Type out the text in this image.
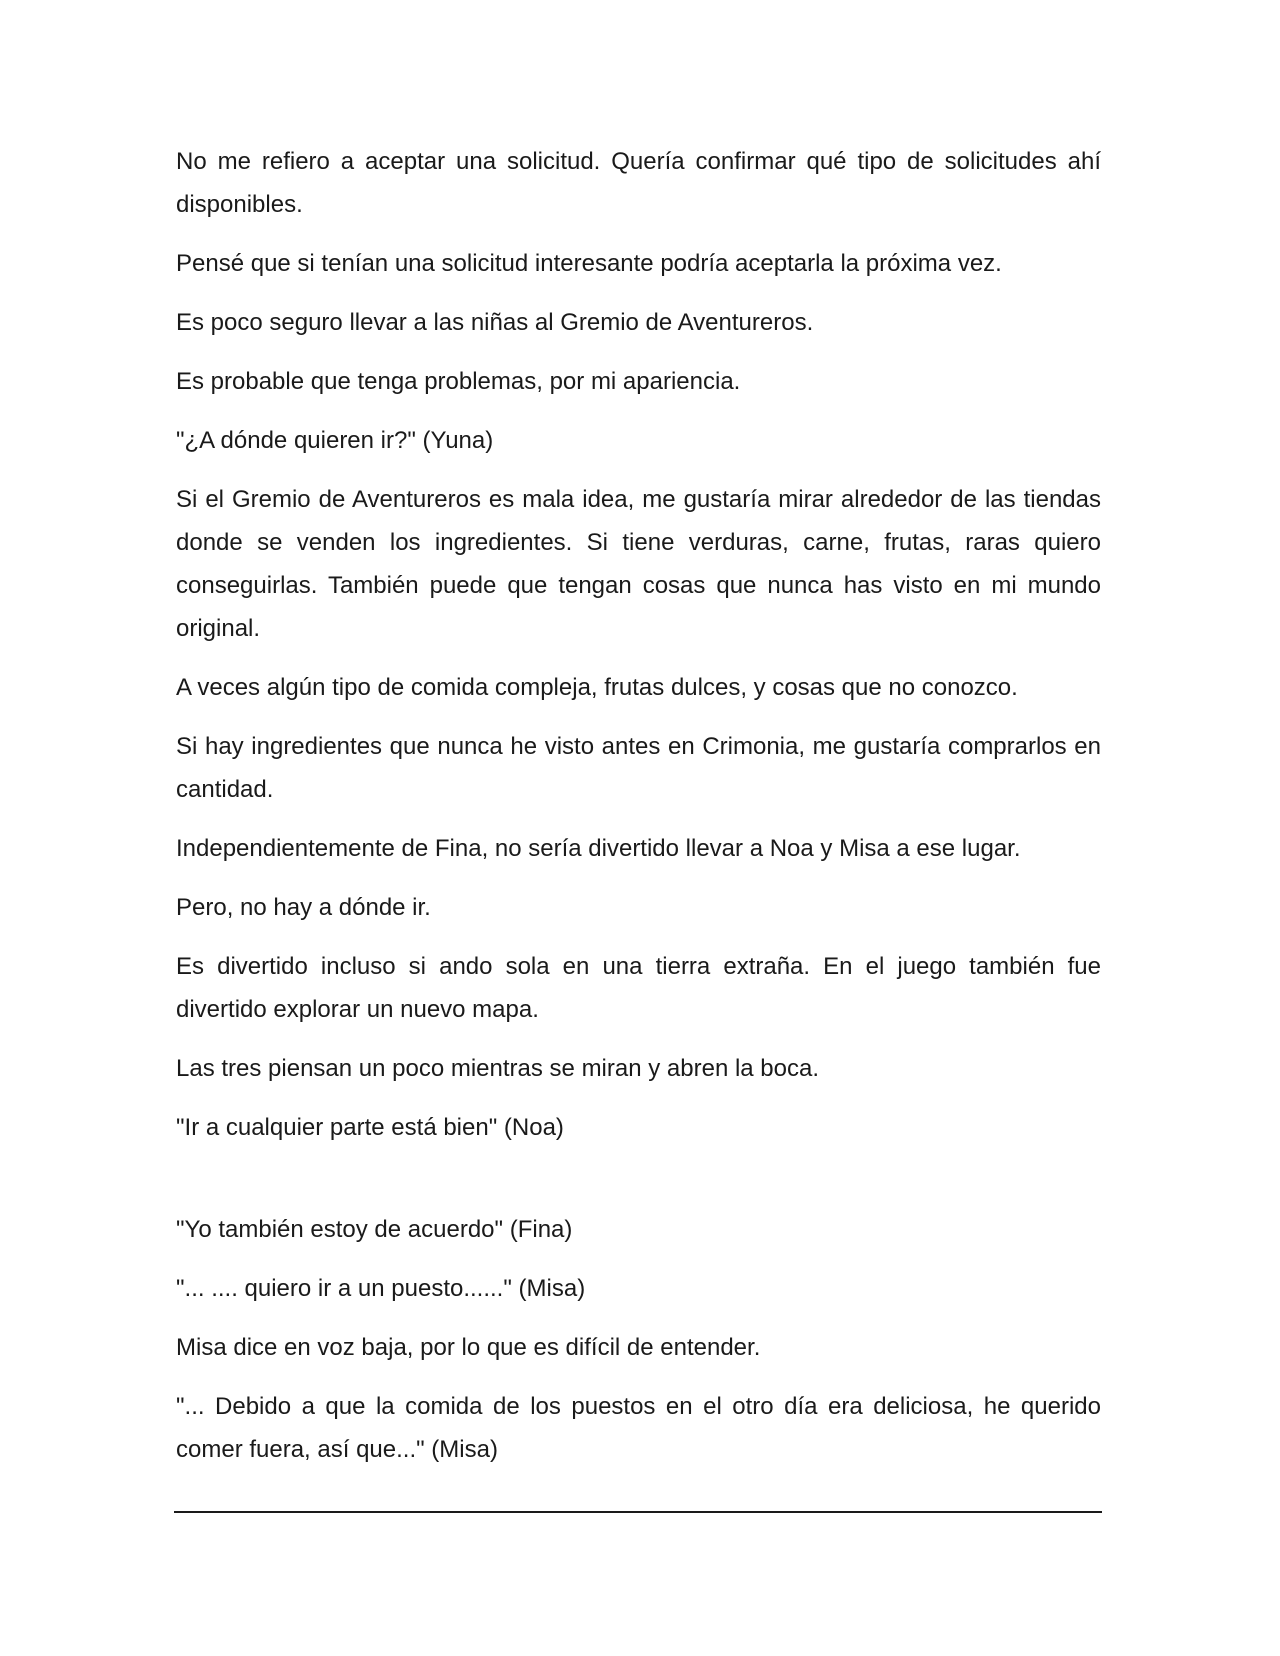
No me refiero a aceptar una solicitud. Quería confirmar qué tipo de solicitudes ahí disponibles.

Pensé que si tenían una solicitud interesante podría aceptarla la próxima vez.

Es poco seguro llevar a las niñas al Gremio de Aventureros.

Es probable que tenga problemas, por mi apariencia.

"¿A dónde quieren ir?" (Yuna)

Si el Gremio de Aventureros es mala idea, me gustaría mirar alrededor de las tiendas donde se venden los ingredientes. Si tiene verduras, carne, frutas, raras quiero conseguirlas. También puede que tengan cosas que nunca has visto en mi mundo original.

A veces algún tipo de comida compleja, frutas dulces, y cosas que no conozco.

Si hay ingredientes que nunca he visto antes en Crimonia, me gustaría comprarlos en cantidad.

Independientemente de Fina, no sería divertido llevar a Noa y Misa a ese lugar.

Pero, no hay a dónde ir.

Es divertido incluso si ando sola en una tierra extraña. En el juego también fue divertido explorar un nuevo mapa.

Las tres piensan un poco mientras se miran y abren la boca.

"Ir a cualquier parte está bien" (Noa)

"Yo también estoy de acuerdo" (Fina)

"... .... quiero ir a un puesto......" (Misa)

Misa dice en voz baja, por lo que es difícil de entender.

"... Debido a que la comida de los puestos en el otro día era deliciosa, he querido comer fuera, así que..." (Misa)
